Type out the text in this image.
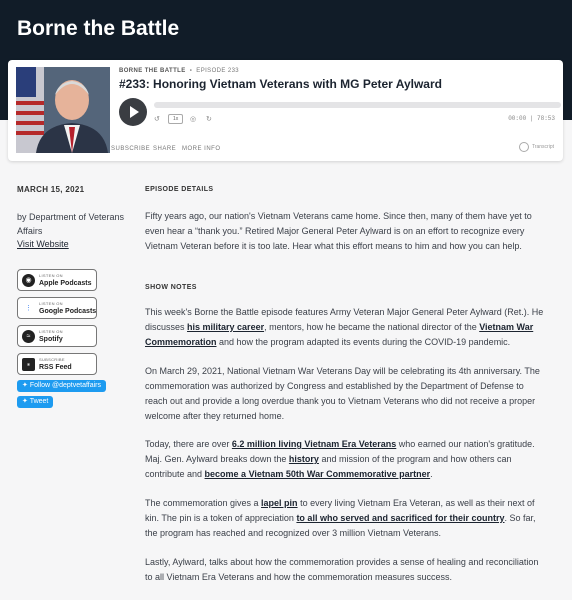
Borne the Battle
BORNE THE BATTLE • EPISODE 233
#233: Honoring Vietnam Veterans with MG Peter Aylward
↺	1x	◎ ↻	00:00 | 78:53
SUBSCRIBE SHARE MORE INFO	Transcript
MARCH 15, 2021
by Department of Veterans Affairs
Visit Website
◉
LISTEN ON
Apple Podcasts
⋮
LISTEN ON
Google Podcasts
≈
LISTEN ON
Spotify
⁎
SUBSCRIBE
RSS Feed
✦ Follow @deptvetaffairs
✦ Tweet
EPISODE DETAILS
Fifty years ago, our nation's Vietnam Veterans came home. Since then, many of them have yet to even hear a “thank you.” Retired Major General Peter Aylward is on an effort to recognize every Vietnam Veteran before it is too late. Hear what this effort means to him and how you can help.
SHOW NOTES
This week's Borne the Battle episode features Army Veteran Major General Peter Aylward (Ret.). He discusses his military career, mentors, how he became the national director of the Vietnam War Commemoration and how the program adapted its events during the COVID-19 pandemic.
On March 29, 2021, National Vietnam War Veterans Day will be celebrating its 4th anniversary. The commemoration was authorized by Congress and established by the Department of Defense to reach out and provide a long overdue thank you to Vietnam Veterans who did not receive a proper welcome after they returned home.
Today, there are over 6.2 million living Vietnam Era Veterans who earned our nation's gratitude. Maj. Gen. Aylward breaks down the history and mission of the program and how others can contribute and become a Vietnam 50th War Commemorative partner.
The commemoration gives a lapel pin to every living Vietnam Era Veteran, as well as their next of kin. The pin is a token of appreciation to all who served and sacrificed for their country. So far, the program has reached and recognized over 3 million Vietnam Veterans.
Lastly, Aylward, talks about how the commemoration provides a sense of healing and reconciliation to all Vietnam Era Veterans and how the commemoration measures success.
